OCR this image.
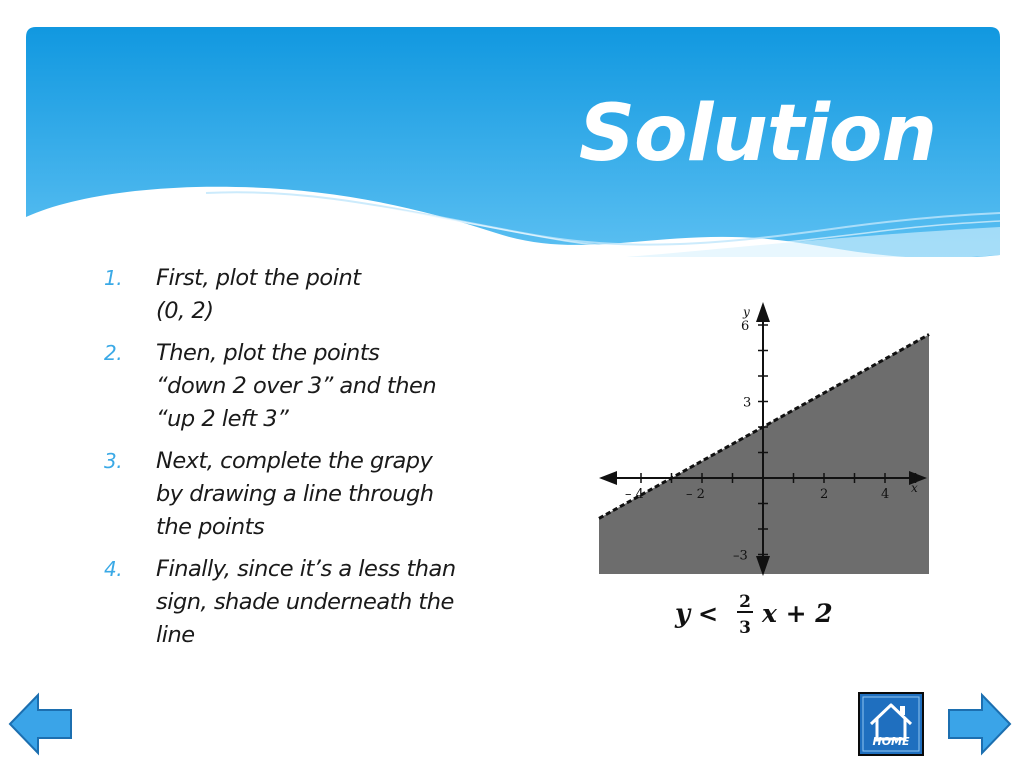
Solution
1. First, plot the point
(0, 2)
2. Then, plot the points
“down 2 over 3” and then
“up 2 left 3”
3. Next, complete the grapy
by drawing a line through
the points
4. Finally, since it’s a less than
sign, shade underneath the
line
y
x
6
3
–3
– 4	– 2	2	4
y < 2
3 x + 2
HOME
